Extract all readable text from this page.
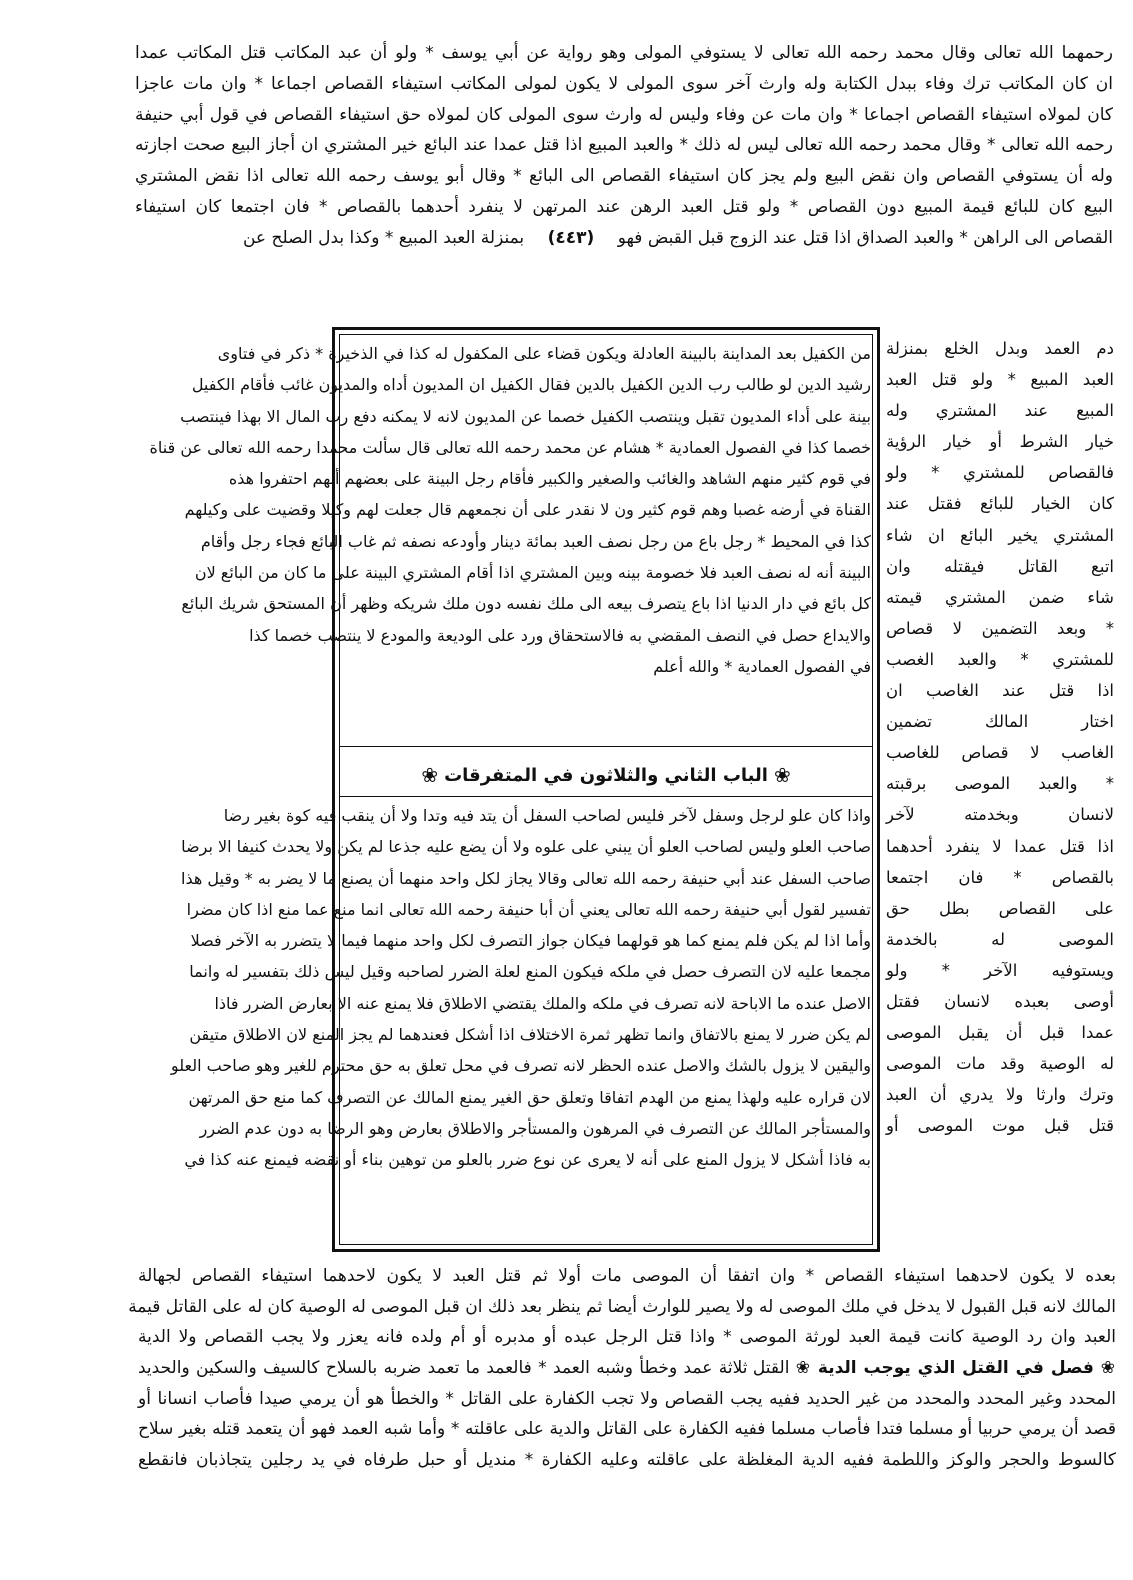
رحمهما الله تعالى وقال محمد رحمه الله تعالى لا يستوفي المولى وهو رواية عن أبي يوسف * ولو أن عبد المكاتب قتل المكاتب عمدا
ان كان المكاتب ترك وفاء ببدل الكتابة وله وارث آخر سوى المولى لا يكون لمولى المكاتب استيفاء القصاص اجماعا * وان مات عاجزا
كان لمولاه استيفاء القصاص اجماعا * وان مات عن وفاء وليس له وارث سوى المولى كان لمولاه حق استيفاء القصاص في قول أبي حنيفة
رحمه الله تعالى * وقال محمد رحمه الله تعالى ليس له ذلك * والعبد المبيع اذا قتل عمدا عند البائع خير المشتري ان أجاز البيع صحت اجازته
وله أن يستوفي القصاص وان نقض البيع ولم يجز كان استيفاء القصاص الى البائع * وقال أبو يوسف رحمه الله تعالى اذا نقض المشتري
البيع كان للبائع قيمة المبيع دون القصاص * ولو قتل العبد الرهن عند المرتهن لا ينفرد أحدهما بالقصاص * فان اجتمعا كان استيفاء
القصاص الى الراهن * والعبد الصداق اذا قتل عند الزوج قبل القبض فهو (٤٤٣) بمنزلة العبد المبيع * وكذا بدل الصلح عن
دم العمد وبدل الخلع بمنزلة
العبد المبيع * ولو قتل العبد
المبيع عند المشتري وله
خيار الشرط أو خيار الرؤية
فالقصاص للمشتري * ولو
كان الخيار للبائع فقتل عند
المشتري يخير البائع ان شاء
اتبع القاتل فيقتله وان
شاء ضمن المشتري قيمته
* وبعد التضمين لا قصاص
للمشتري * والعبد الغصب
اذا قتل عند الغاصب ان
اختار المالك تضمين
الغاصب لا قصاص للغاصب
* والعبد الموصى برقبته
لانسان وبخدمته لآخر
اذا قتل عمدا لا ينفرد أحدهما
بالقصاص * فان اجتمعا
على القصاص بطل حق
الموصى له بالخدمة
ويستوفيه الآخر * ولو
أوصى بعبده لانسان فقتل
عمدا قبل أن يقبل الموصى
له الوصية وقد مات الموصى
وترك وارثا ولا يدري أن العبد
قتل قبل موت الموصى أو
من الكفيل بعد المداينة بالبينة العادلة ويكون قضاء على المكفول له كذا في الذخيرة * ذكر في فتاوى
رشيد الدين لو طالب رب الدين الكفيل بالدين فقال الكفيل ان المديون أداه والمديون غائب فأقام الكفيل
بينة على أداء المديون تقبل وينتصب الكفيل خصما عن المديون لانه لا يمكنه دفع رب المال الا بهذا فينتصب
خصما كذا في الفصول العمادية * هشام عن محمد رحمه الله تعالى قال سألت محمدا رحمه الله تعالى عن قناة
في قوم كثير منهم الشاهد والغائب والصغير والكبير فأقام رجل البينة على بعضهم أنهم احتفروا هذه
القناة في أرضه غصبا وهم قوم كثير ون لا نقدر على أن نجمعهم قال جعلت لهم وكيلا وقضيت على وكيلهم
كذا في المحيط * رجل باع من رجل نصف العبد بمائة دينار وأودعه نصفه ثم غاب البائع فجاء رجل وأقام
البينة أنه له نصف العبد فلا خصومة بينه وبين المشتري اذا أقام المشتري البينة على ما كان من البائع لان
كل بائع في دار الدنيا اذا باع يتصرف بيعه الى ملك نفسه دون ملك شريكه وظهر أن المستحق شريك البائع
والايداع حصل في النصف المقضي به فالاستحقاق ورد على الوديعة والمودع لا ينتصب خصما كذا
في الفصول العمادية * والله أعلم
❀
الباب الثاني والثلاثون في المتفرقات
❀
واذا كان علو لرجل وسفل لآخر فليس لصاحب السفل أن يتد فيه وتدا ولا أن ينقب فيه كوة بغير رضا
صاحب العلو وليس لصاحب العلو أن يبني على علوه ولا أن يضع عليه جذعا لم يكن ولا يحدث كنيفا الا برضا
صاحب السفل عند أبي حنيفة رحمه الله تعالى وقالا يجاز لكل واحد منهما أن يصنع ما لا يضر به * وقيل هذا
تفسير لقول أبي حنيفة رحمه الله تعالى يعني أن أبا حنيفة رحمه الله تعالى انما منع عما منع اذا كان مضرا
وأما اذا لم يكن فلم يمنع كما هو قولهما فيكان جواز التصرف لكل واحد منهما فيما لا يتضرر به الآخر فصلا
مجمعا عليه لان التصرف حصل في ملكه فيكون المنع لعلة الضرر لصاحبه وقيل ليس ذلك بتفسير له وانما
الاصل عنده ما الاباحة لانه تصرف في ملكه والملك يقتضي الاطلاق فلا يمنع عنه الا بعارض الضرر فاذا
لم يكن ضرر لا يمنع بالاتفاق وانما تظهر ثمرة الاختلاف اذا أشكل فعندهما لم يجز المنع لان الاطلاق متيقن
واليقين لا يزول بالشك والاصل عنده الحظر لانه تصرف في محل تعلق به حق محترم للغير وهو صاحب العلو
لان قراره عليه ولهذا يمنع من الهدم اتفاقا وتعلق حق الغير يمنع المالك عن التصرف كما منع حق المرتهن
والمستأجر المالك عن التصرف في المرهون والمستأجر والاطلاق بعارض وهو الرضا به دون عدم الضرر
به فاذا أشكل لا يزول المنع على أنه لا يعرى عن نوع ضرر بالعلو من توهين بناء أو نقضه فيمنع عنه كذا في
بعده لا يكون لاحدهما استيفاء القصاص * وان اتفقا أن الموصى مات أولا ثم قتل العبد لا يكون لاحدهما استيفاء القصاص لجهالة
المالك لانه قبل القبول لا يدخل في ملك الموصى له ولا يصير للوارث أيضا ثم ينظر بعد ذلك ان قبل الموصى له الوصية كان له على القاتل قيمة
العبد وان رد الوصية كانت قيمة العبد لورثة الموصى * واذا قتل الرجل عبده أو مدبره أو أم ولده فانه يعزر ولا يجب القصاص ولا الدية
❀ فصل في القتل الذي يوجب الدية ❀ القتل ثلاثة عمد وخطأ وشبه العمد * فالعمد ما تعمد ضربه بالسلاح كالسيف والسكين والحديد
المحدد وغير المحدد والمحدد من غير الحديد ففيه يجب القصاص ولا تجب الكفارة على القاتل * والخطأ هو أن يرمي صيدا فأصاب انسانا أو
قصد أن يرمي حربيا أو مسلما فتدا فأصاب مسلما ففيه الكفارة على القاتل والدية على عاقلته * وأما شبه العمد فهو أن يتعمد قتله بغير سلاح
كالسوط والحجر والوكز واللطمة ففيه الدية المغلظة على عاقلته وعليه الكفارة * منديل أو حبل طرفاه في يد رجلين يتجاذبان فانقطع
